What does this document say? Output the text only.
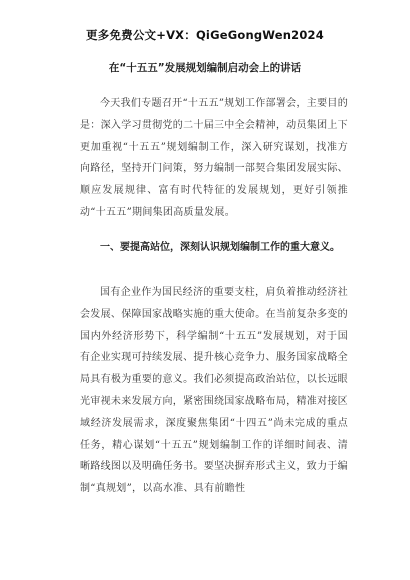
更多免费公文+VX：QiGeGongWen2024
在“十五五”发展规划编制启动会上的讲话

今天我们专题召开“十五五”规划工作部署会，主要目的是：深入学习贯彻党的二十届三中全会精神，动员集团上下更加重视“十五五”规划编制工作，深入研究谋划，找准方向路径，坚持开门问策，努力编制一部契合集团发展实际、顺应发展规律、富有时代特征的发展规划，更好引领推动“十五五”期间集团高质量发展。

一、要提高站位，深刻认识规划编制工作的重大意义。

国有企业作为国民经济的重要支柱，肩负着推动经济社会发展、保障国家战略实施的重大使命。在当前复杂多变的国内外经济形势下，科学编制“十五五”发展规划，对于国有企业实现可持续发展、提升核心竞争力、服务国家战略全局具有极为重要的意义。我们必须提高政治站位，以长远眼光审视未来发展方向，紧密围绕国家战略布局，精准对接区域经济发展需求，深度聚焦集团“十四五”尚未完成的重点任务，精心谋划“十五五”规划编制工作的详细时间表、清晰路线图以及明确任务书。要坚决摒弃形式主义，致力于编制“真规划”，以高水准、具有前瞻性
